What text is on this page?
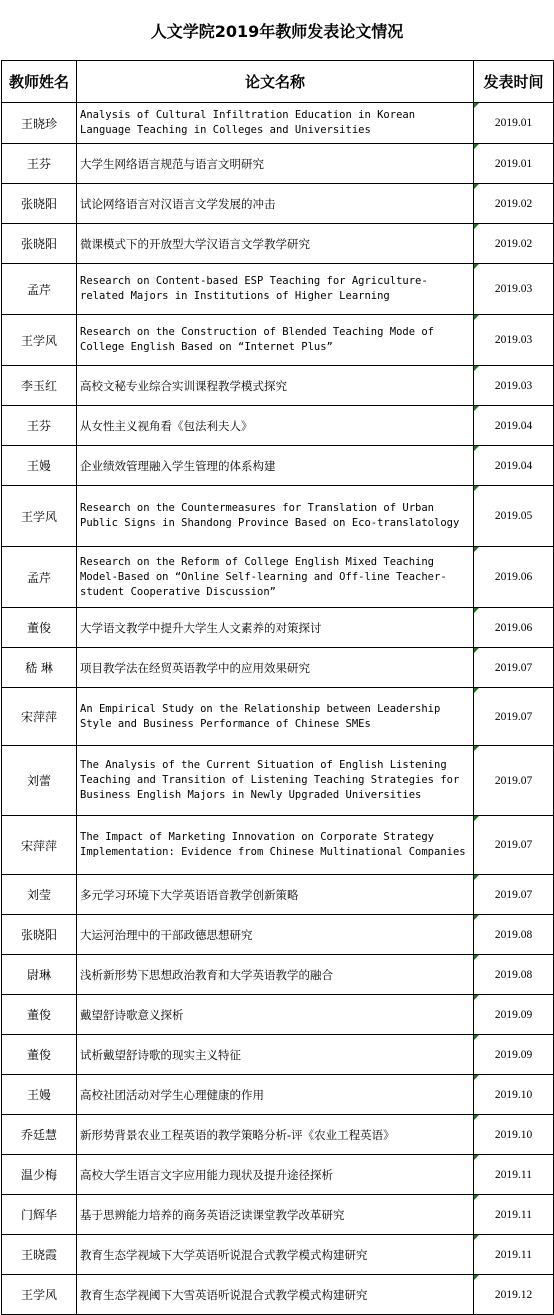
人文学院2019年教师发表论文情况
教师姓名	论文名称	发表时间
王晓珍	Analysis of Cultural Infiltration Education in Korean Language Teaching in Colleges and Universities	2019.01
王芬	大学生网络语言规范与语言文明研究	2019.01
张晓阳	试论网络语言对汉语言文学发展的冲击	2019.02
张晓阳	微课模式下的开放型大学汉语言文学教学研究	2019.02
孟芹	Research on Content-based ESP Teaching for Agriculture-related Majors in Institutions of Higher Learning	2019.03
王学风	Research on the Construction of Blended Teaching Mode of College English Based on “Internet Plus”	2019.03
李玉红	高校文秘专业综合实训课程教学模式探究	2019.03
王芬	从女性主义视角看《包法利夫人》	2019.04
王嫚	企业绩效管理融入学生管理的体系构建	2019.04
王学风	Research on the Countermeasures for Translation of Urban Public Signs in Shandong Province Based on Eco-translatology	2019.05
孟芹	Research on the Reform of College English Mixed Teaching Model-Based on “Online Self-learning and Off-line Teacher-student Cooperative Discussion”	2019.06
董俊	大学语文教学中提升大学生人文素养的对策探讨	2019.06
嵇 琳	项目教学法在经贸英语教学中的应用效果研究	2019.07
宋萍萍	An Empirical Study on the Relationship between Leadership Style and Business Performance of Chinese SMEs	2019.07
刘蕾	The Analysis of the Current Situation of English Listening Teaching and Transition of Listening Teaching Strategies for Business English Majors in Newly Upgraded Universities	2019.07
宋萍萍	The Impact of Marketing Innovation on Corporate Strategy Implementation: Evidence from Chinese Multinational Companies	2019.07
刘莹	多元学习环境下大学英语语音教学创新策略	2019.07
张晓阳	大运河治理中的干部政德思想研究	2019.08
尉琳	浅析新形势下思想政治教育和大学英语教学的融合	2019.08
董俊	戴望舒诗歌意义探析	2019.09
董俊	试析戴望舒诗歌的现实主义特征	2019.09
王嫚	高校社团活动对学生心理健康的作用	2019.10
乔廷慧	新形势背景农业工程英语的教学策略分析-评《农业工程英语》	2019.10
温少梅	高校大学生语言文字应用能力现状及提升途径探析	2019.11
门辉华	基于思辨能力培养的商务英语泛读课堂教学改革研究	2019.11
王晓霞	教育生态学视域下大学英语听说混合式教学模式构建研究	2019.11
王学风	教育生态学视阈下大雪英语听说混合式教学模式构建研究	2019.12
